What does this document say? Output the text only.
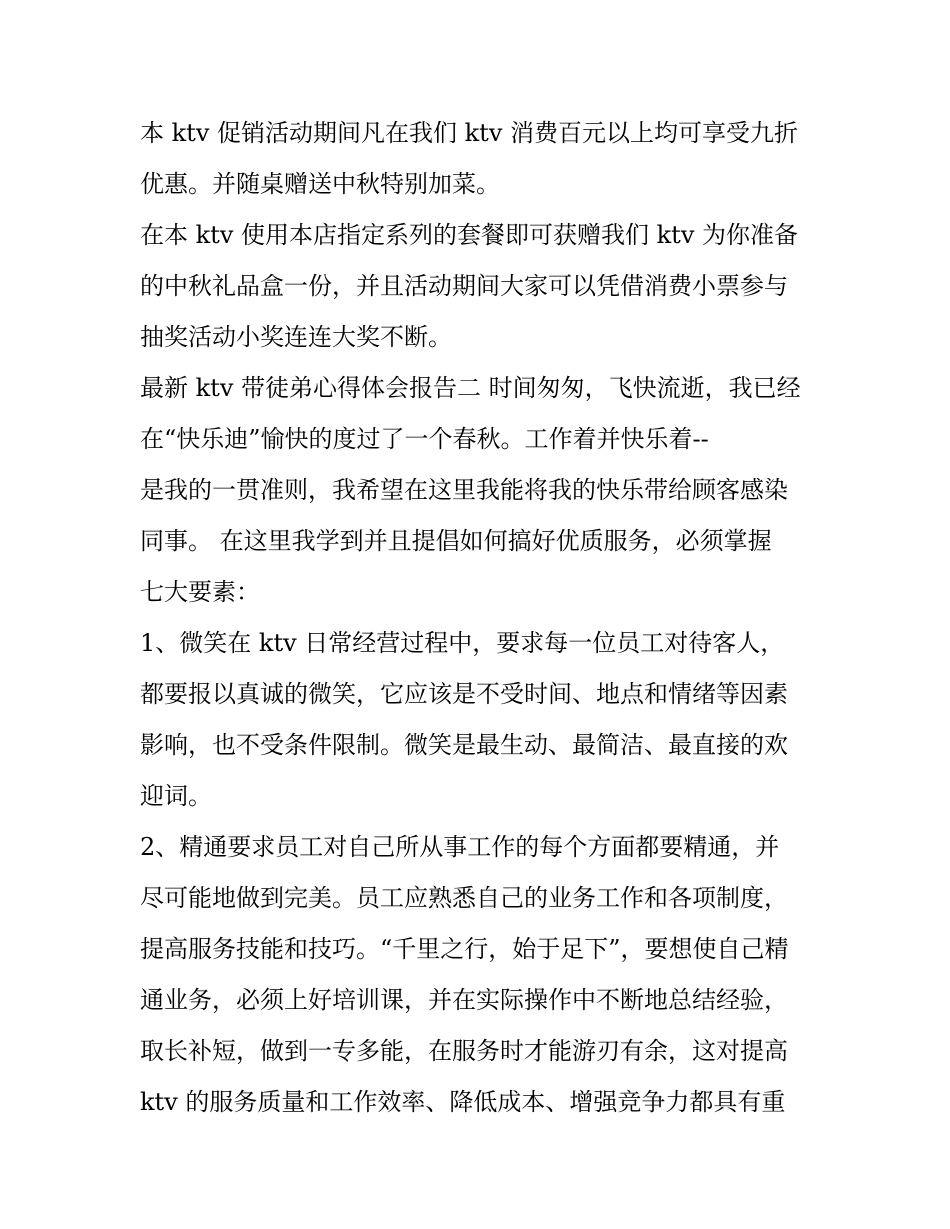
本 ktv 促销活动期间凡在我们 ktv 消费百元以上均可享受九折
优惠。并随桌赠送中秋特别加菜。
在本 ktv 使用本店指定系列的套餐即可获赠我们 ktv 为你准备
的中秋礼品盒一份，并且活动期间大家可以凭借消费小票参与
抽奖活动小奖连连大奖不断。
最新 ktv 带徒弟心得体会报告二 时间匆匆，飞快流逝，我已经
在“快乐迪”愉快的度过了一个春秋。工作着并快乐着--
是我的一贯准则，我希望在这里我能将我的快乐带给顾客感染
同事。 在这里我学到并且提倡如何搞好优质服务，必须掌握
七大要素：
1、微笑在 ktv 日常经营过程中，要求每一位员工对待客人，
都要报以真诚的微笑，它应该是不受时间、地点和情绪等因素
影响，也不受条件限制。微笑是最生动、最简洁、最直接的欢
迎词。
2、精通要求员工对自己所从事工作的每个方面都要精通，并
尽可能地做到完美。员工应熟悉自己的业务工作和各项制度，
提高服务技能和技巧。“千里之行，始于足下”，要想使自己精
通业务，必须上好培训课，并在实际操作中不断地总结经验，
取长补短，做到一专多能，在服务时才能游刃有余，这对提高
ktv 的服务质量和工作效率、降低成本、增强竞争力都具有重
